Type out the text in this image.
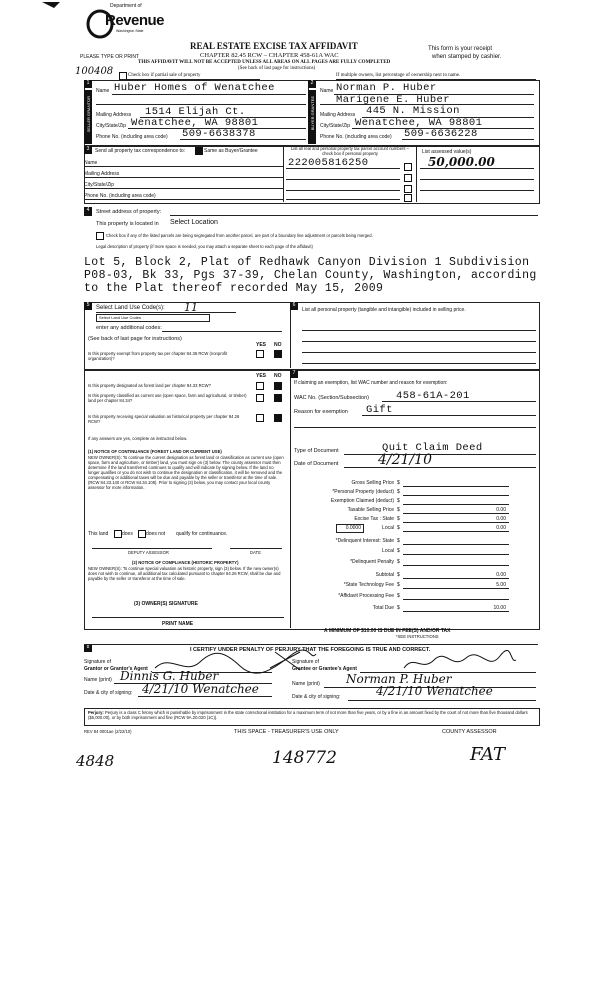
Department of
Revenue
Washington State
PLEASE TYPE OR PRINT
REAL ESTATE EXCISE TAX AFFIDAVIT
CHAPTER 82.45 RCW – CHAPTER 458-61A WAC
THIS AFFIDAVIT WILL NOT BE ACCEPTED UNLESS ALL AREAS ON ALL PAGES ARE FULLY COMPLETED
(See back of last page for instructions)
This form is your receipt
when stamped by cashier.
100408	Check box if partial sale of property	If multiple owners, list percentage of ownership next to name.
1	2
SELLER GRANTOR	BUYER GRANTEE
Name Huber Homes of Wenatchee
Mailing Address 1514 Elijah Ct.
City/State/Zip Wenatchee, WA 98801
Phone No. (including area code) 509-6638378
Name Norman P. Huber
Marigene E. Huber
Mailing Address 445 N. Mission
City/State/Zip Wenatchee, WA 98801
Phone No. (including area code) 509-6636228
3	Send all property tax correspondence to:	Same as Buyer/Grantee
Name
Mailing Address
City/State/Zip
Phone No. (including area code)
List all real and personal property tax parcel account numbers – check box if personal property	List assessed value(s)
222005816250	50,000.00
4	Street address of property:
This property is located in Select Location
Check box if any of the listed parcels are being segregated from another parcel, are part of a boundary line adjustment or parcels being merged.
Legal description of property (if more space is needed, you may attach a separate sheet to each page of the affidavit)
Lot 5, Block 2, Plat of Redhawk Canyon Division 1 Subdivision
P08-03, Bk 33, Pgs 37-39, Chelan County, Washington, according
to the Plat thereof recorded May 15, 2009
5	6
Select Land Use Code(s): 11
Select Land Use Codes
enter any additional codes:
(See back of last page for instructions)
YES NO
Is this property exempt from property tax per chapter 84.36 RCW (nonprofit organization)?
List all personal property (tangible and intangible) included in selling price.
7
YES NO
Is this property designated as forest land per chapter 84.33 RCW?
Is this property classified as current use (open space, farm and agricultural, or timber) land per chapter 84.34?
Is this property receiving special valuation as historical property per chapter 84.26 RCW?
If any answers are yes, complete as instructed below.
(1) NOTICE OF CONTINUANCE (FOREST LAND OR CURRENT USE)
NEW OWNER(S): To continue the current designation as forest land or classification as current use (open space, farm and agriculture, or timber) land, you must sign on (3) below. The county assessor must then determine if the land transferred continues to qualify and will indicate by signing below. If the land no longer qualifies or you do not wish to continue the designation or classification, it will be removed and the compensating or additional taxes will be due and payable by the seller or transferor at the time of sale. (RCW 84.33.140 or RCW 84.34.108). Prior to signing (3) below, you may contact your local county assessor for more information.
This land	does	does not qualify for continuance.
DEPUTY ASSESSOR	DATE
(2) NOTICE OF COMPLIANCE (HISTORIC PROPERTY)
NEW OWNER(S): To continue special valuation as historic property, sign (3) below. If the new owner(s) does not wish to continue, all additional tax calculated pursuant to chapter 84.26 RCW, shall be due and payable by the seller or transferor at the time of sale.
(3) OWNER(S) SIGNATURE
PRINT NAME
If claiming an exemption, list WAC number and reason for exemption:
WAC No. (Section/Subsection)	458-61A-201
Reason for exemption Gift
Type of Document	Quit Claim Deed
Date of Document	4/21/10
Gross Selling Price $
*Personal Property (deduct) $
Exemption Claimed (deduct) $
Taxable Selling Price $	0.00
Excise Tax : State $	0.00
Local $	0.00
0.0000
*Delinquent Interest: State $
Local $
*Delinquent Penalty $
Subtotal $	0.00
*State Technology Fee $	5.00
*Affidavit Processing Fee $
Total Due $	10.00
A MINIMUM OF $10.00 IS DUE IN FEE(S) AND/OR TAX
*SEE INSTRUCTIONS
8	I CERTIFY UNDER PENALTY OF PERJURY THAT THE FOREGOING IS TRUE AND CORRECT.
Signature of
Grantor or Grantor's Agent
Name (print) Dinnis G. Huber
Date & city of signing: 4/21/10 Wenatchee
Signature of
Grantee or Grantee's Agent
Name (print) Norman P. Huber
Date & city of signing:	4/21/10 Wenatchee
Perjury: Perjury is a class C felony which is punishable by imprisonment in the state correctional institution for a maximum term of not more than five years, or by a fine in an amount fixed by the court of not more than five thousand dollars ($5,000.00), or by both imprisonment and fine (RCW 9A.20.020 (1C)).
REV 84 0001ae (2/22/10)	THIS SPACE - TREASURER'S USE ONLY	COUNTY ASSESSOR
4848	148772	FAT
